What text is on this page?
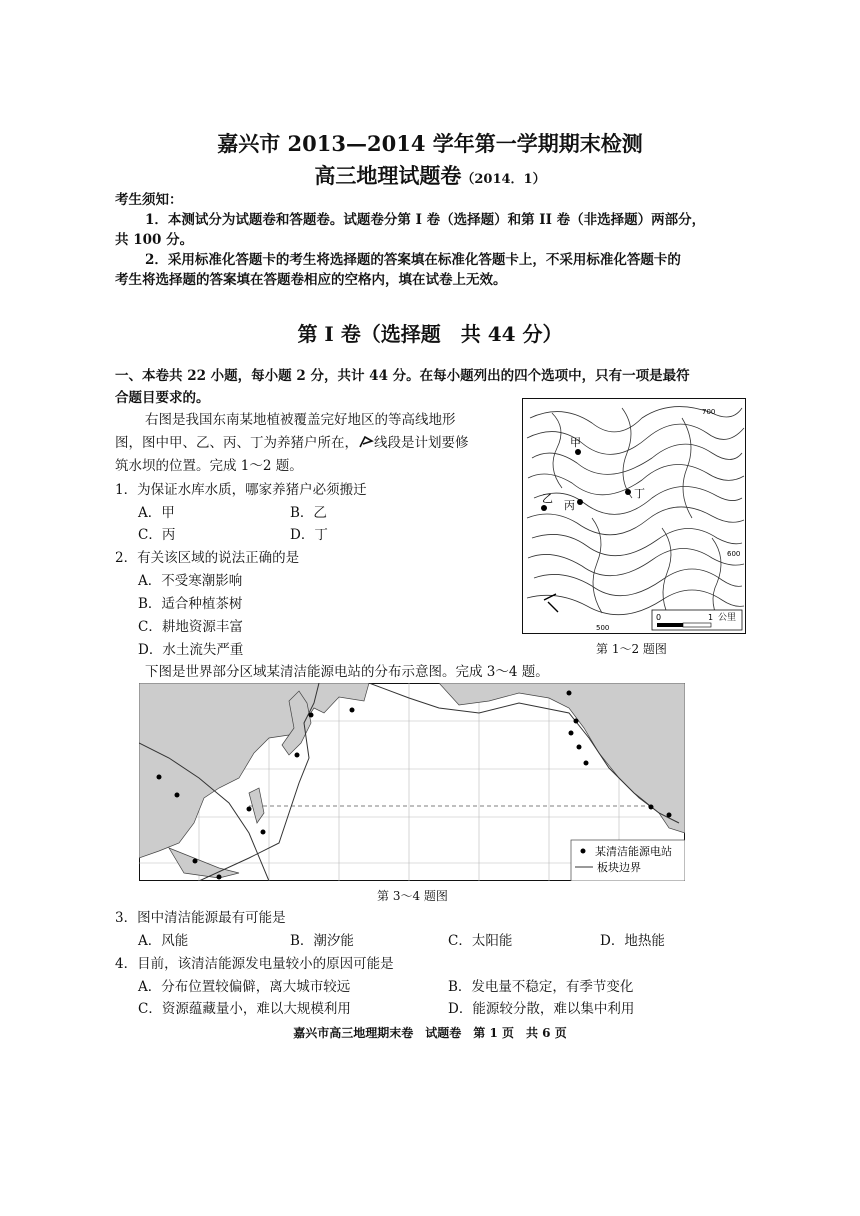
嘉兴市 2013—2014 学年第一学期期末检测
高三地理试题卷（2014．1）
考生须知：
1．本测试分为试题卷和答题卷。试题卷分第 I 卷（选择题）和第 II 卷（非选择题）两部分，
共 100 分。
2．采用标准化答题卡的考生将选择题的答案填在标准化答题卡上，不采用标准化答题卡的
考生将选择题的答案填在答题卷相应的空格内，填在试卷上无效。
第 I 卷（选择题　共 44 分）
一、本卷共 22 小题，每小题 2 分，共计 44 分。在每小题列出的四个选项中，只有一项是最符
合题目要求的。
右图是我国东南某地植被覆盖完好地区的等高线地形
图，图中甲、乙、丙、丁为养猪户所在， 线段是计划要修
筑水坝的位置。完成 1～2 题。
1．为保证水库水质，哪家养猪户必须搬迁
A．甲	B．乙
C．丙	D．丁
2．有关该区域的说法正确的是
A．不受寒潮影响
B．适合种植茶树
C．耕地资源丰富
D．水土流失严重
700
600
500
甲
乙
丙
丁
0	1 公里
第 1～2 题图
下图是世界部分区域某清洁能源电站的分布示意图。完成 3～4 题。
某清洁能源电站
板块边界
第 3～4 题图
3．图中清洁能源最有可能是
A．风能	B．潮汐能	C．太阳能	D．地热能
4．目前，该清洁能源发电量较小的原因可能是
A．分布位置较偏僻，离大城市较远	B．发电量不稳定，有季节变化
C．资源蕴藏量小，难以大规模利用	D．能源较分散，难以集中利用
嘉兴市高三地理期末卷　试题卷　第 1 页　共 6 页
